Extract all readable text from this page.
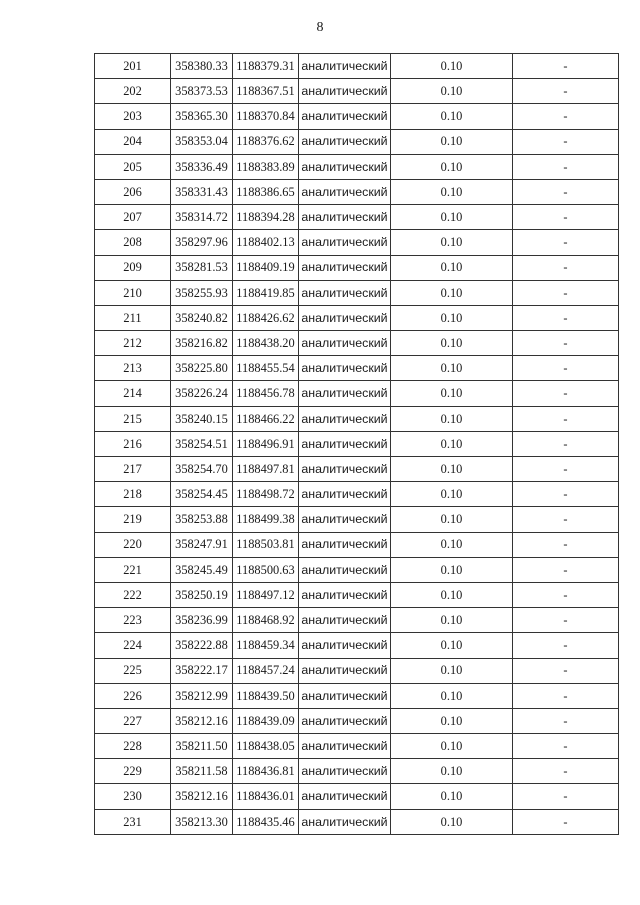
8
201	358380.33	1188379.31	аналитический	0.10	-
202	358373.53	1188367.51	аналитический	0.10	-
203	358365.30	1188370.84	аналитический	0.10	-
204	358353.04	1188376.62	аналитический	0.10	-
205	358336.49	1188383.89	аналитический	0.10	-
206	358331.43	1188386.65	аналитический	0.10	-
207	358314.72	1188394.28	аналитический	0.10	-
208	358297.96	1188402.13	аналитический	0.10	-
209	358281.53	1188409.19	аналитический	0.10	-
210	358255.93	1188419.85	аналитический	0.10	-
211	358240.82	1188426.62	аналитический	0.10	-
212	358216.82	1188438.20	аналитический	0.10	-
213	358225.80	1188455.54	аналитический	0.10	-
214	358226.24	1188456.78	аналитический	0.10	-
215	358240.15	1188466.22	аналитический	0.10	-
216	358254.51	1188496.91	аналитический	0.10	-
217	358254.70	1188497.81	аналитический	0.10	-
218	358254.45	1188498.72	аналитический	0.10	-
219	358253.88	1188499.38	аналитический	0.10	-
220	358247.91	1188503.81	аналитический	0.10	-
221	358245.49	1188500.63	аналитический	0.10	-
222	358250.19	1188497.12	аналитический	0.10	-
223	358236.99	1188468.92	аналитический	0.10	-
224	358222.88	1188459.34	аналитический	0.10	-
225	358222.17	1188457.24	аналитический	0.10	-
226	358212.99	1188439.50	аналитический	0.10	-
227	358212.16	1188439.09	аналитический	0.10	-
228	358211.50	1188438.05	аналитический	0.10	-
229	358211.58	1188436.81	аналитический	0.10	-
230	358212.16	1188436.01	аналитический	0.10	-
231	358213.30	1188435.46	аналитический	0.10	-
